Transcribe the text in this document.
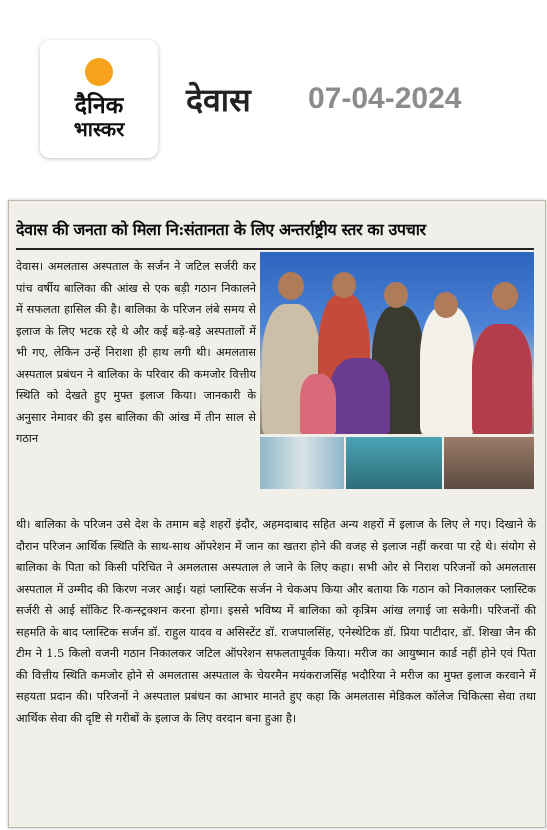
दैनिक
भास्कर
देवास 07-04-2024
देवास की जनता को मिला नि:संतानता के लिए अन्तर्राष्ट्रीय स्तर का उपचार
देवास। अमलतास अस्पताल के सर्जन ने जटिल सर्जरी कर पांच वर्षीय बालिका की आंख से एक बड़ी गठान निकालने में सफलता हासिल की है। बालिका के परिजन लंबे समय से इलाज के लिए भटक रहे थे और कई बड़े-बड़े अस्पतालों में भी गए, लेकिन उन्हें निराशा ही हाथ लगी थी। अमलतास अस्पताल प्रबंधन ने बालिका के परिवार की कमजोर वित्तीय स्थिति को देखते हुए मुफ्त इलाज किया। जानकारी के अनुसार नेमावर की इस बालिका की आंख में तीन साल से गठान
थी। बालिका के परिजन उसे देश के तमाम बड़े शहरों इंदौर, अहमदाबाद सहित अन्य शहरों में इलाज के लिए ले गए। दिखाने के दौरान परिजन आर्थिक स्थिति के साथ-साथ ऑपरेशन में जान का खतरा होने की वजह से इलाज नहीं करवा पा रहे थे। संयोग से बालिका के पिता को किसी परिचित ने अमलतास अस्पताल ले जाने के लिए कहा। सभी ओर से निराश परिजनों को अमलतास अस्पताल में उम्मीद की किरण नजर आई। यहां प्लास्टिक सर्जन ने चेकअप किया और बताया कि गठान को निकालकर प्लास्टिक सर्जरी से आई सॉकिट रि-कन्स्ट्रक्शन करना होगा। इससे भविष्य में बालिका को कृत्रिम आंख लगाई जा सकेगी। परिजनों की सहमति के बाद प्लास्टिक सर्जन डॉ. राहुल यादव व असिस्टेंट डॉ. राजपालसिंह, एनेस्थेटिक डॉ. प्रिया पाटीदार, डॉ. शिखा जैन की टीम ने 1.5 किलो वजनी गठान निकालकर जटिल ऑपरेशन सफलतापूर्वक किया। मरीज का आयुष्मान कार्ड नहीं होने एवं पिता की वित्तीय स्थिति कमजोर होने से अमलतास अस्पताल के चेयरमैन मयंकराजसिंह भदौरिया ने मरीज का मुफ्त इलाज करवाने में सहयता प्रदान की। परिजनों ने अस्पताल प्रबंधन का आभार मानते हुए कहा कि अमलतास मेडिकल कॉलेज चिकित्सा सेवा तथा आर्थिक सेवा की दृष्टि से गरीबों के इलाज के लिए वरदान बना हुआ है।
